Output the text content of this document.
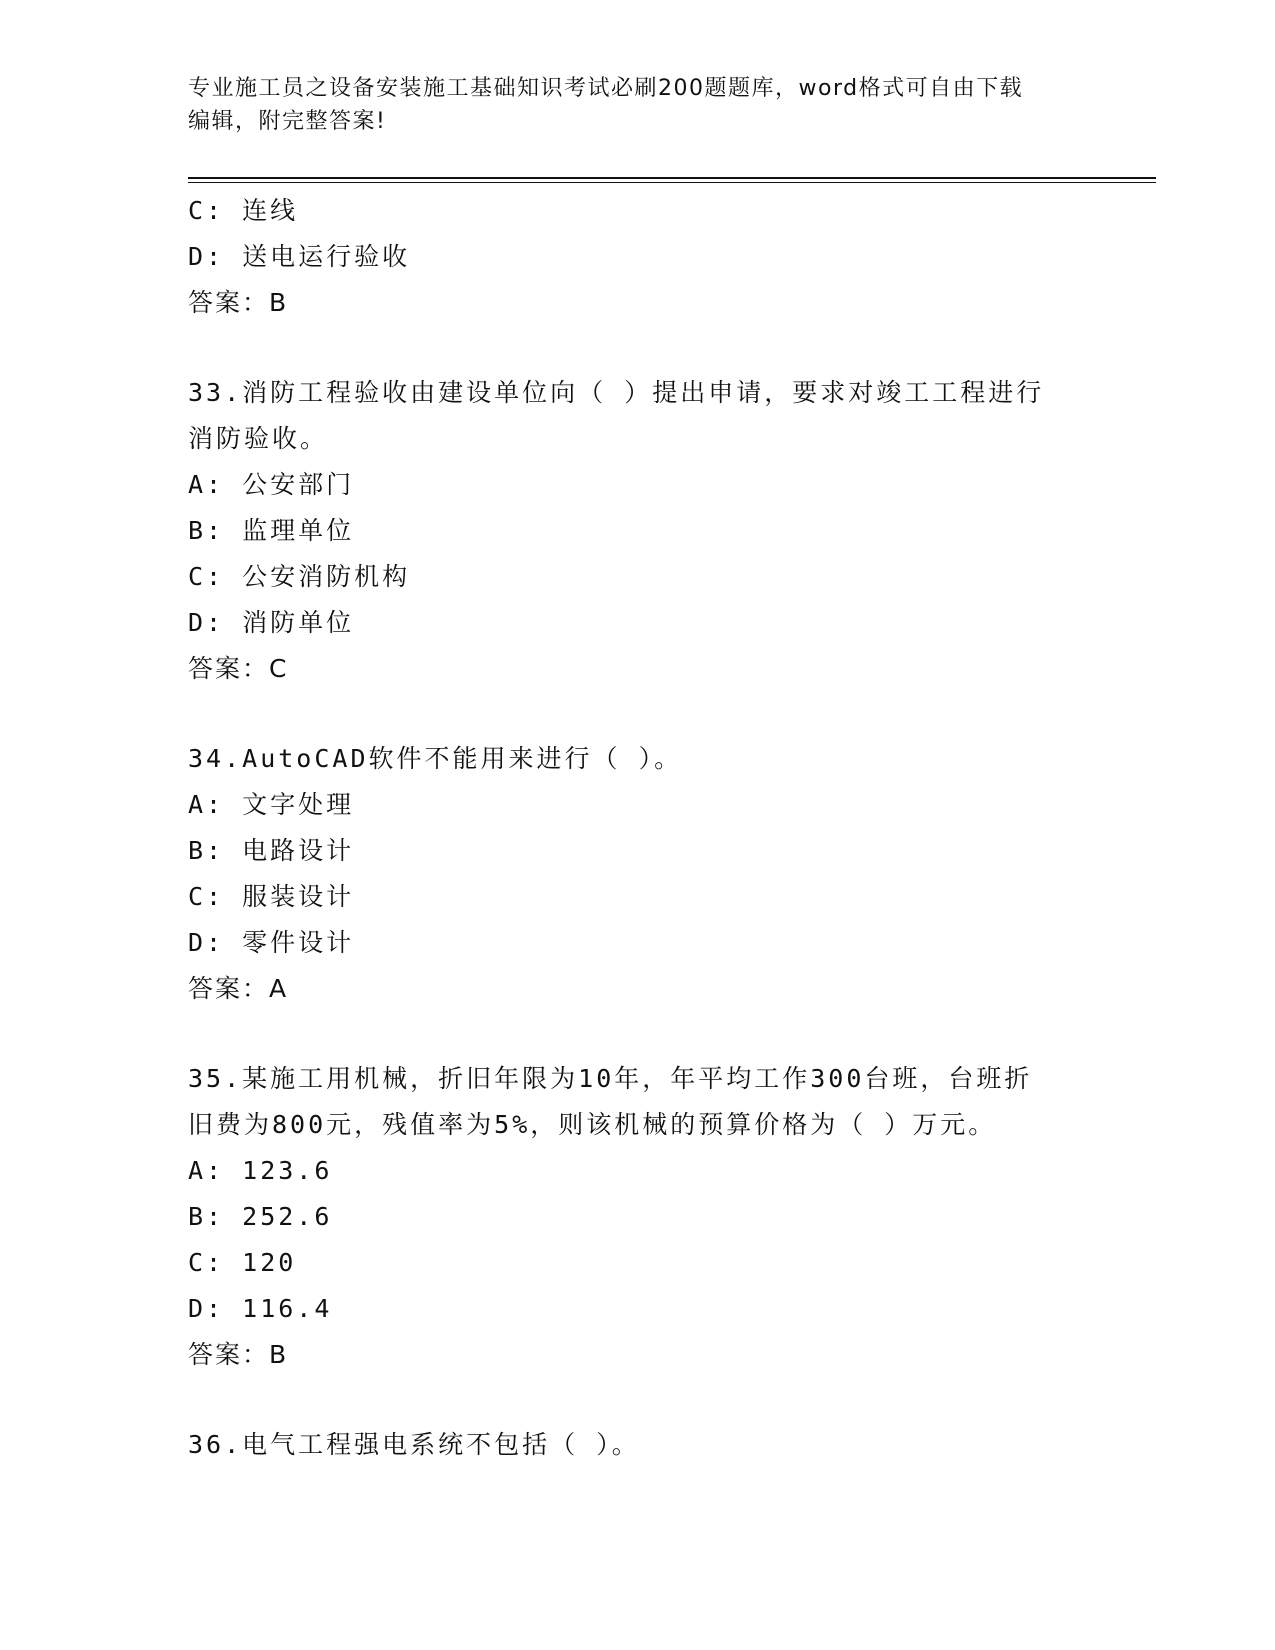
专业施工员之设备安装施工基础知识考试必刷200题题库，word格式可自由下载
编辑，附完整答案!
C: 连线
D: 送电运行验收
答案：B
33.消防工程验收由建设单位向（ ）提出申请，要求对竣工工程进行
消防验收。
A: 公安部门
B: 监理单位
C: 公安消防机构
D: 消防单位
答案：C
34.AutoCAD软件不能用来进行（ ）。
A: 文字处理
B: 电路设计
C: 服装设计
D: 零件设计
答案：A
35.某施工用机械，折旧年限为10年，年平均工作300台班，台班折
旧费为800元，残值率为5%，则该机械的预算价格为（ ）万元。
A: 123.6
B: 252.6
C: 120
D: 116.4
答案：B
36.电气工程强电系统不包括（ ）。
